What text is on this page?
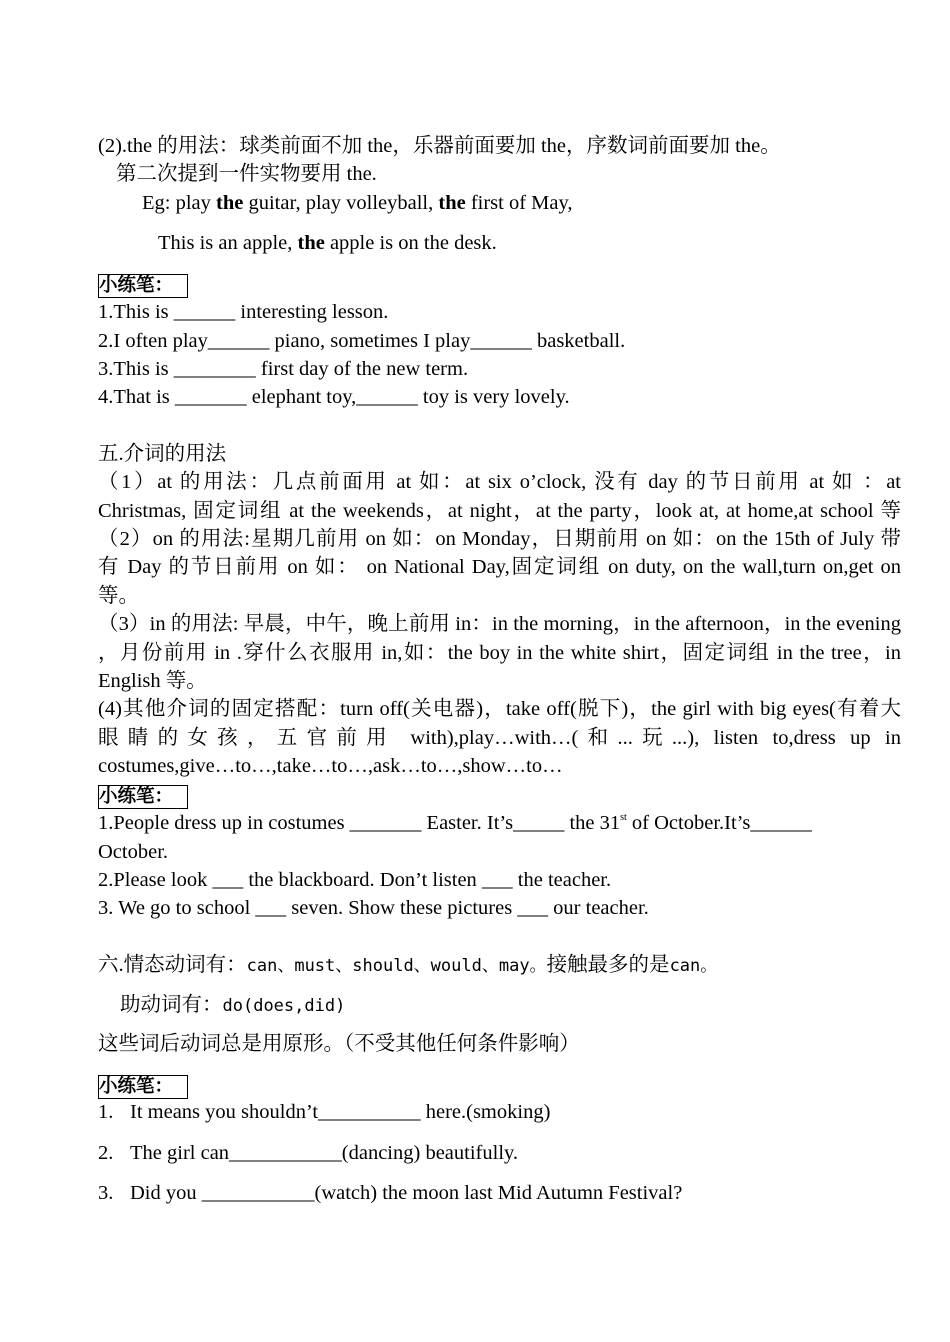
(2).the 的用法：球类前面不加 the，乐器前面要加 the，序数词前面要加 the。
第二次提到一件实物要用 the.
Eg: play the guitar, play volleyball, the first of May,
This is an apple, the apple is on the desk.
小练笔：
1.This is ______ interesting lesson.
2.I often play______ piano, sometimes I play______ basketball.
3.This is ________ first day of the new term.
4.That is _______ elephant toy,______ toy is very lovely.
五.介词的用法
（1）at 的用法：几点前面用 at 如：at six o’clock, 没有 day 的节日前用 at 如 ：at
Christmas, 固定词组 at the weekends，at night，at the party，look at, at home,at school 等
（2）on 的用法:星期几前用 on 如：on Monday，日期前用 on 如：on the 15th of July 带
有 Day 的节日前用 on 如： on National Day,固定词组 on duty, on the wall,turn on,get on
等。
（3）in 的用法: 早晨，中午，晚上前用 in：in the morning，in the afternoon，in the evening
，月份前用 in .穿什么衣服用 in,如：the boy in the white shirt，固定词组 in the tree，in
English 等。
(4)其他介词的固定搭配：turn off(关电器)，take off(脱下)，the girl with big eyes(有着大
眼睛的女孩，五官前用 with),play…with…(和...玩...), listen to,dress up in
costumes,give…to…,take…to…,ask…to…,show…to…
小练笔：
1.People dress up in costumes _______ Easter. It’s_____ the 31st of October.It’s______
October.
2.Please look ___ the blackboard. Don’t listen ___ the teacher.
3. We go to school ___ seven. Show these pictures ___ our teacher.
六.情态动词有：can、must、should、would、may。接触最多的是can。
助动词有：do(does,did)
这些词后动词总是用原形。（不受其他任何条件影响）
小练笔：
1. It means you shouldn’t__________ here.(smoking)
2. The girl can___________(dancing) beautifully.
3. Did you ___________(watch) the moon last Mid Autumn Festival?
